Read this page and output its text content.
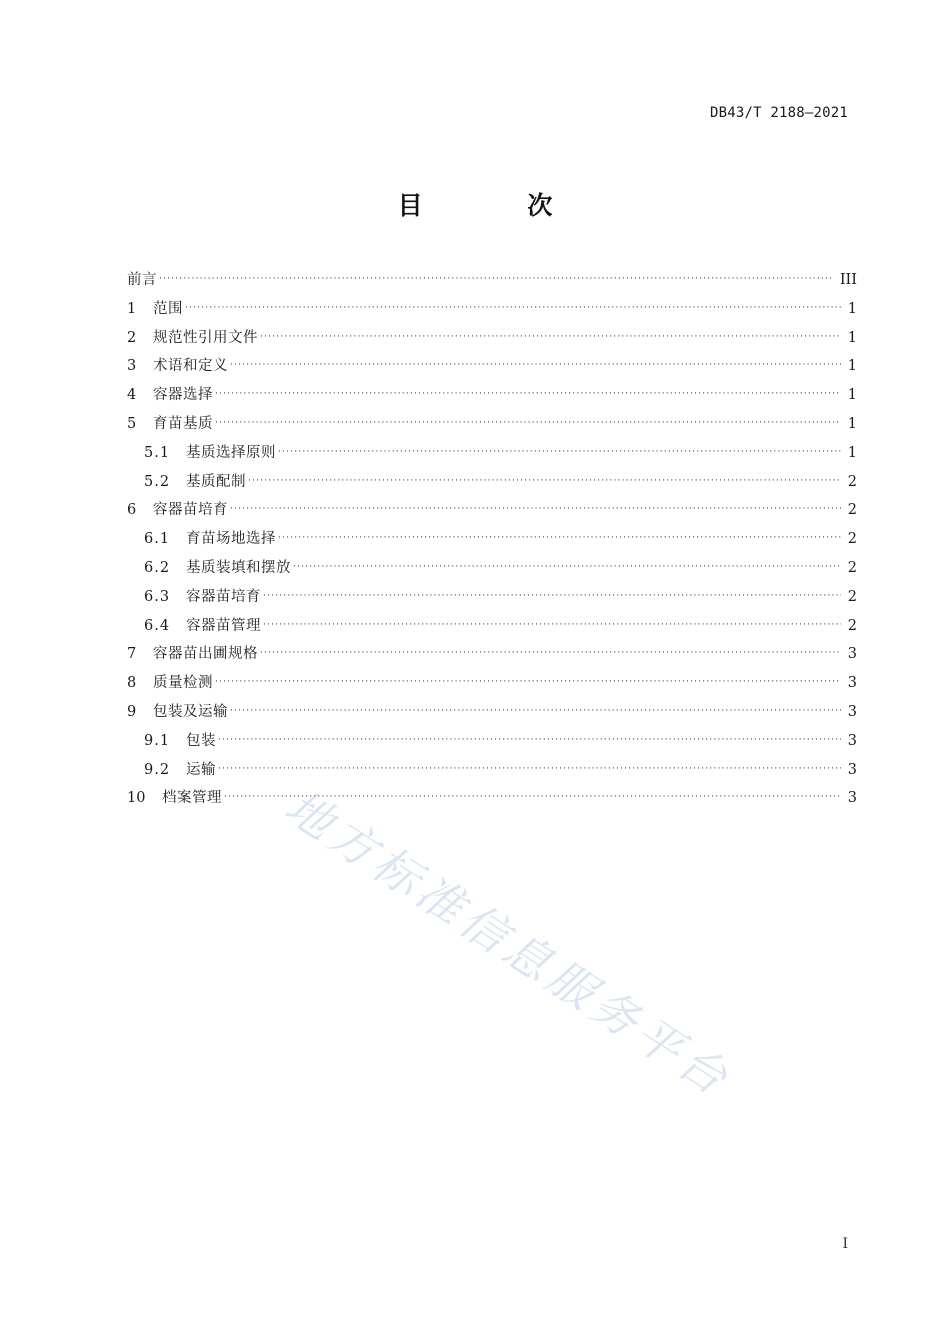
DB43/T 2188—2021
目 次
前言 ·····	III
1	范围 ·····	1
2	规范性引用文件 ·····	1
3	术语和定义 ·····	1
4	容器选择 ·····	1
5	育苗基质 ·····	1
5.1	基质选择原则 ·····	1
5.2	基质配制 ·····	2
6	容器苗培育 ·····	2
6.1	育苗场地选择 ·····	2
6.2	基质装填和摆放 ·····	2
6.3	容器苗培育 ·····	2
6.4	容器苗管理 ·····	2
7	容器苗出圃规格 ·····	3
8	质量检测 ·····	3
9	包装及运输 ·····	3
9.1	包装 ·····	3
9.2	运输 ·····	3
10	档案管理 ·····	3
地方标准信息服务平台
I
